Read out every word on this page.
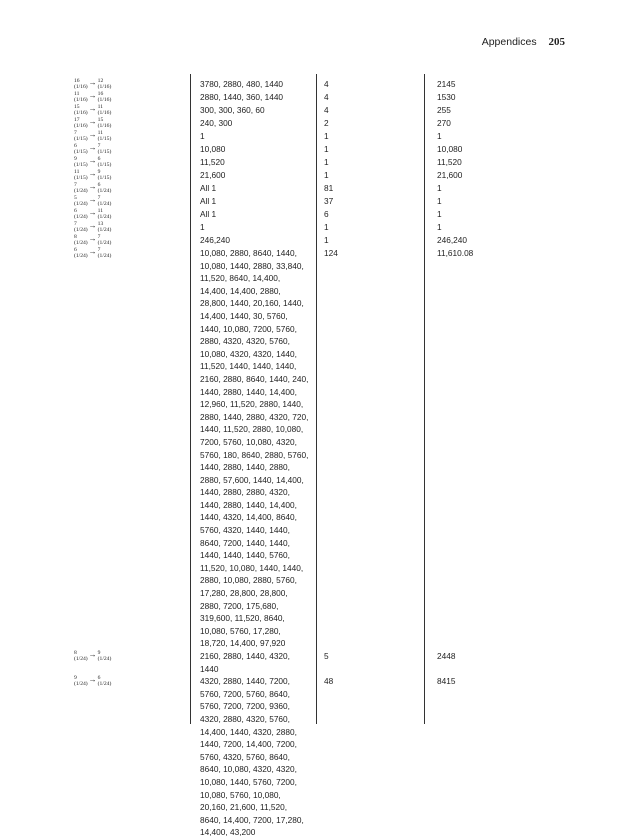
Appendices 205
16
(1/16) → 12
(1/16)	3780, 2880, 480, 1440	4	2145
11
(1/16) → 16
(1/16)	2880, 1440, 360, 1440	4	1530
15
(1/16) → 11
(1/16)	300, 300, 360, 60	4	255
17
(1/16) → 15
(1/16)	240, 300	2	270
7
(1/15) → 11
(1/15)	1	1	1
6
(1/15) → 7
(1/15)	10,080	1	10,080
9
(1/15) → 6
(1/15)	11,520	1	11,520
11
(1/15) → 9
(1/15)	21,600	1	21,600
7
(1/24) → 6
(1/24)	All 1	81	1
5
(1/24) → 7
(1/24)	All 1	37	1
6
(1/24) → 11
(1/24)	All 1	6	1
7
(1/24) → 13
(1/24)	1	1	1
8
(1/24) → 7
(1/24)	246,240	1	246,240
6
(1/24) → 7
(1/24)	10,080, 2880, 8640, 1440,
10,080, 1440, 2880, 33,840,
11,520, 8640, 14,400,
14,400, 14,400, 2880,
28,800, 1440, 20,160, 1440,
14,400, 1440, 30, 5760,
1440, 10,080, 7200, 5760,
2880, 4320, 4320, 5760,
10,080, 4320, 4320, 1440,
11,520, 1440, 1440, 1440,
2160, 2880, 8640, 1440, 240,
1440, 2880, 1440, 14,400,
12,960, 11,520, 2880, 1440,
2880, 1440, 2880, 4320, 720,
1440, 11,520, 2880, 10,080,
7200, 5760, 10,080, 4320,
5760, 180, 8640, 2880, 5760,
1440, 2880, 1440, 2880,
2880, 57,600, 1440, 14,400,
1440, 2880, 2880, 4320,
1440, 2880, 1440, 14,400,
1440, 4320, 14,400, 8640,
5760, 4320, 1440, 1440,
8640, 7200, 1440, 1440,
1440, 1440, 1440, 5760,
11,520, 10,080, 1440, 1440,
2880, 10,080, 2880, 5760,
17,280, 28,800, 28,800,
2880, 7200, 175,680,
319,600, 11,520, 8640,
10,080, 5760, 17,280,
18,720, 14,400, 97,920
124	11,610.08
8
(1/24) → 9
(1/24)	2160, 2880, 1440, 4320,
1440
5	2448
9
(1/24) → 6
(1/24)	4320, 2880, 1440, 7200,
5760, 7200, 5760, 8640,
5760, 7200, 7200, 9360,
4320, 2880, 4320, 5760,
14,400, 1440, 4320, 2880,
1440, 7200, 14,400, 7200,
5760, 4320, 5760, 8640,
8640, 10,080, 4320, 4320,
10,080, 1440, 5760, 7200,
10,080, 5760, 10,080,
20,160, 21,600, 11,520,
8640, 14,400, 7200, 17,280,
14,400, 43,200
48	8415
